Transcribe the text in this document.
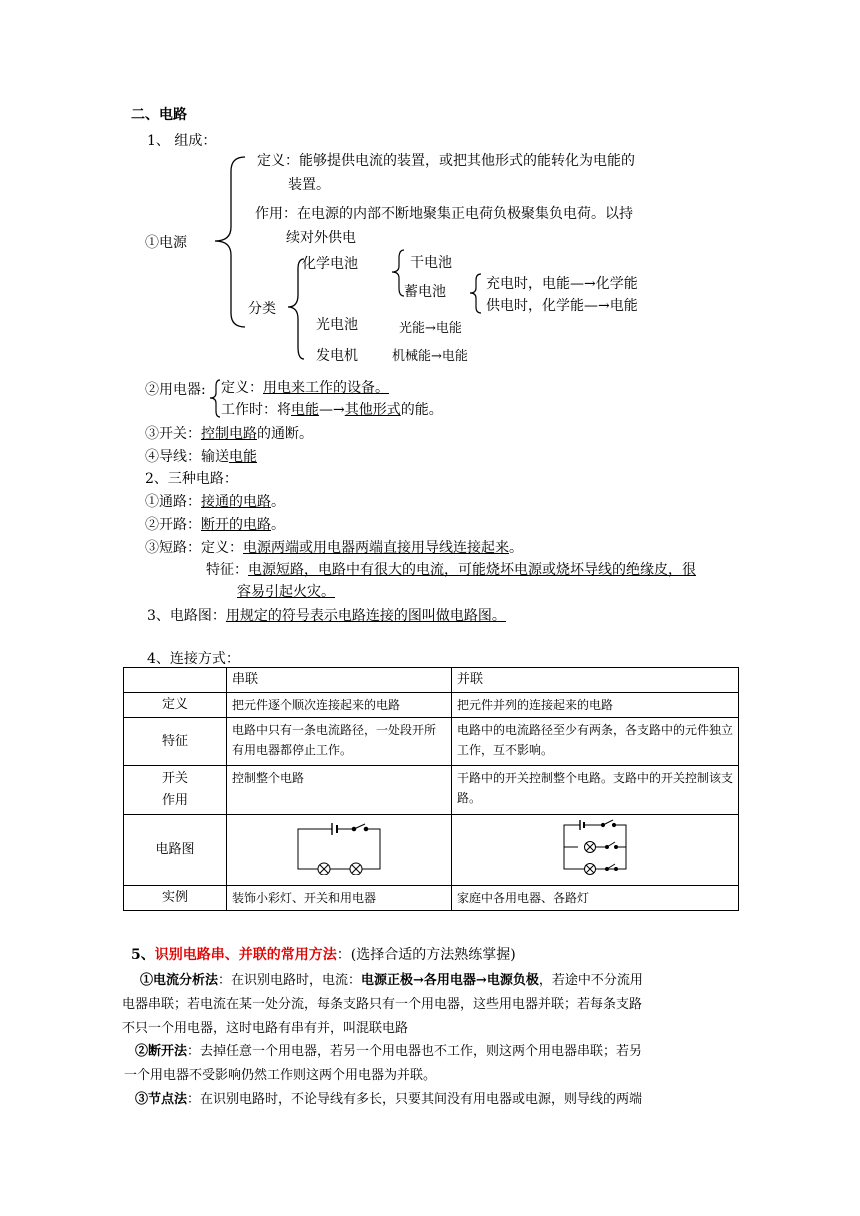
二、电路
1、 组成：
①电源
定义：能够提供电流的装置，或把其他形式的能转化为电能的
装置。
作用：在电源的内部不断地聚集正电荷负极聚集负电荷。以持
续对外供电
分类
化学电池	干电池
蓄电池	充电时，电能—→化学能
供电时，化学能—→电能
光电池	光能→电能
发电机	机械能→电能
②用电器: 定义：用电来工作的设备。
工作时：将电能—→其他形式的能。
③开关：控制电路的通断。
④导线：输送电能
2、三种电路：
①通路：接通的电路。
②开路：断开的电路。
③短路：定义：电源两端或用电器两端直接用导线连接起来。
特征：电源短路，电路中有很大的电流，可能烧坏电源或烧坏导线的绝缘皮，很
容易引起火灾。
3、电路图：用规定的符号表示电路连接的图叫做电路图。
4、连接方式：
	串联	并联
定义	把元件逐个顺次连接起来的电路	把元件并列的连接起来的电路
特征	电路中只有一条电流路径，一处段开所有用电器都停止工作。	电路中的电流路径至少有两条，各支路中的元件独立工作，互不影响。
开关
作用	控制整个电路	干路中的开关控制整个电路。支路中的开关控制该支路。
电路图		
实例	装饰小彩灯、开关和用电器	家庭中各用电器、各路灯
5、识别电路串、并联的常用方法：(选择合适的方法熟练掌握)
①电流分析法：在识别电路时，电流：电源正极→各用电器→电源负极，若途中不分流用
电器串联；若电流在某一处分流，每条支路只有一个用电器，这些用电器并联；若每条支路
不只一个用电器，这时电路有串有并，叫混联电路
②断开法：去掉任意一个用电器，若另一个用电器也不工作，则这两个用电器串联；若另
一个用电器不受影响仍然工作则这两个用电器为并联。
③节点法：在识别电路时，不论导线有多长，只要其间没有用电器或电源，则导线的两端
